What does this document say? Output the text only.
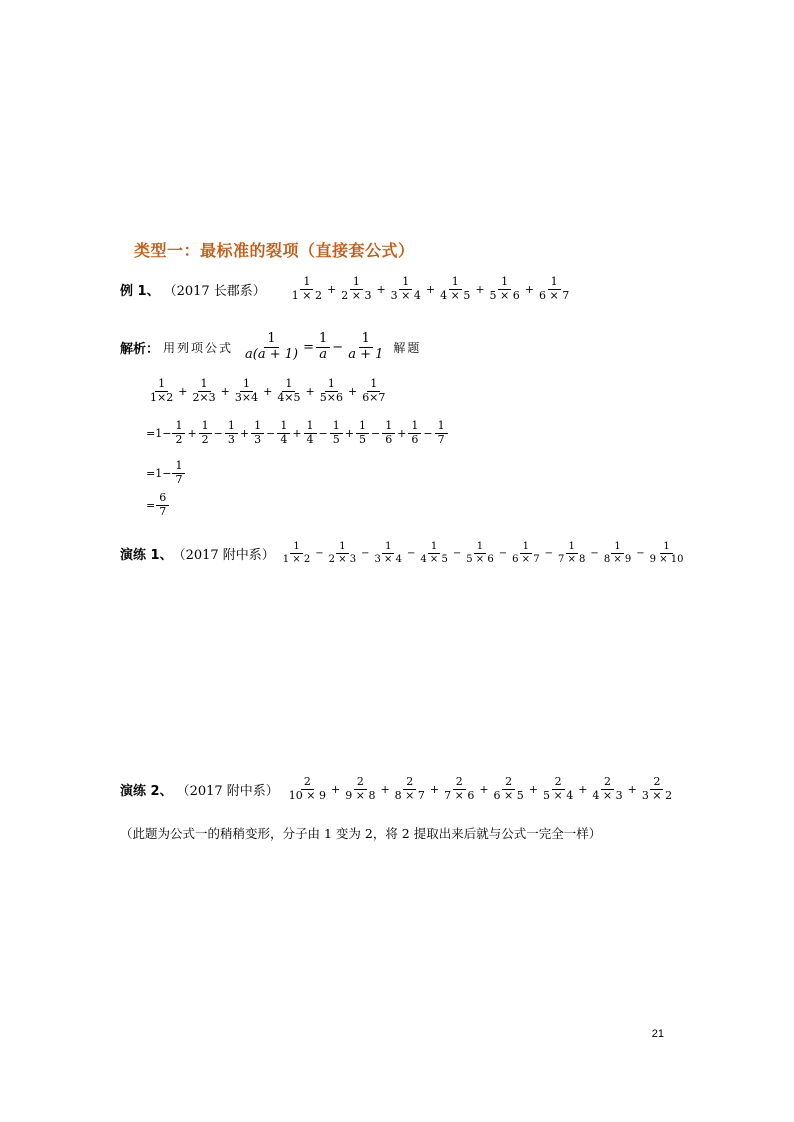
类型一：最标准的裂项（直接套公式）
例 1、 （2017 长郡系） $\frac{1}{1 \times 2} + \frac{1}{2 \times 3} + \frac{1}{3 \times 4} + \frac{1}{4 \times 5} + \frac{1}{5 \times 6} + \frac{1}{6 \times 7}$
解析： 用列项公式 $\frac{1}{a(a + 1)} = \frac{1}{a} - \frac{1}{a + 1}$ 解题
$\frac{1}{1\times 2} + \frac{1}{2\times 3} + \frac{1}{3\times 4} + \frac{1}{4\times 5} + \frac{1}{5\times 6} + \frac{1}{6\times 7}$
$=1- \frac{1}{2} + \frac{1}{2} - \frac{1}{3} + \frac{1}{3} - \frac{1}{4} + \frac{1}{4} - \frac{1}{5} + \frac{1}{5} - \frac{1}{6} + \frac{1}{6} - \frac{1}{7}$
$=1- \frac{1}{7}$
= $\frac{6}{7}$
演练 1、 （2017 附中系） $\frac{1}{1 \times 2} - \frac{1}{2 \times 3} - \frac{1}{3 \times 4} - \frac{1}{4 \times 5} - \frac{1}{5 \times 6} - \frac{1}{6 \times 7} - \frac{1}{7 \times 8} - \frac{1}{8 \times 9} - \frac{1}{9 \times 10}$
演练 2、 （2017 附中系） $\frac{2}{10 \times 9} + \frac{2}{9 \times 8} + \frac{2}{8 \times 7} + \frac{2}{7 \times 6} + \frac{2}{6 \times 5} + \frac{2}{5 \times 4} + \frac{2}{4 \times 3} + \frac{2}{3 \times 2}$
（此题为公式一的稍稍变形，分子由 1 变为 2，将 2 提取出来后就与公式一完全一样）
21
